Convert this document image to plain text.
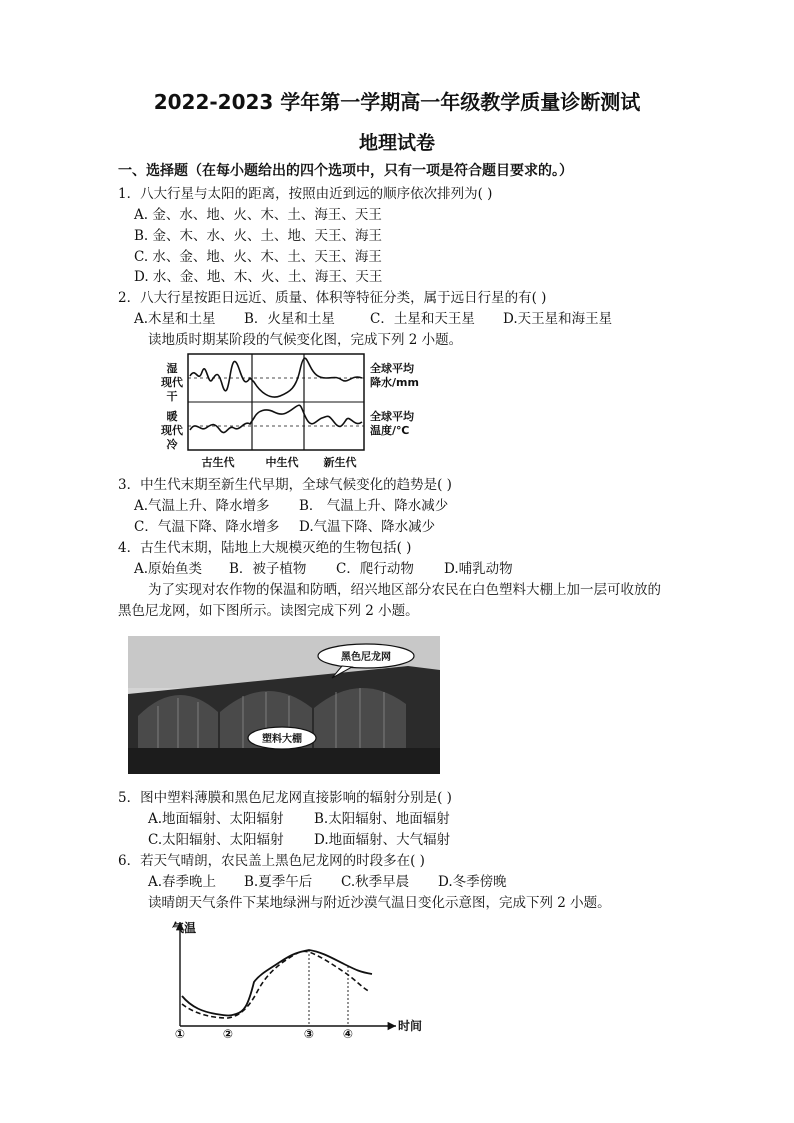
2022-2023 学年第一学期高一年级教学质量诊断测试
地理试卷
一、选择题（在每小题给出的四个选项中，只有一项是符合题目要求的。）
1．八大行星与太阳的距离，按照由近到远的顺序依次排列为( )
A. 金、水、地、火、木、土、海王、天王
B. 金、木、水、火、土、地、天王、海王
C. 水、金、地、火、木、土、天王、海王
D. 水、金、地、木、火、土、海王、天王
2．八大行星按距日远近、质量、体积等特征分类，属于远日行星的有( )
A.木星和土星 B．火星和土星	C．土星和天王星 D.天王星和海王星
读地质时期某阶段的气候变化图，完成下列 2 小题。
湿
现代
干
暖
现代
冷
全球平均
降水/mm
全球平均
温度/℃
古生代	中生代 新生代
3．中生代末期至新生代早期，全球气候变化的趋势是( )
A.气温上升、降水增多 B． 气温上升、降水减少
C．气温下降、降水增多 D.气温下降、降水减少
4．古生代末期，陆地上大规模灭绝的生物包括( )
A.原始鱼类 B．被子植物 C．爬行动物 D.哺乳动物
为了实现对农作物的保温和防晒，绍兴地区部分农民在白色塑料大棚上加一层可收放的
黑色尼龙网，如下图所示。读图完成下列 2 小题。
黑色尼龙网
塑料大棚
5．图中塑料薄膜和黑色尼龙网直接影响的辐射分别是( )
A.地面辐射、太阳辐射 B.太阳辐射、地面辐射
C.太阳辐射、太阳辐射 D.地面辐射、大气辐射
6．若天气晴朗，农民盖上黑色尼龙网的时段多在( )
A.春季晚上 B.夏季午后 C.秋季早晨 D.冬季傍晚
读晴朗天气条件下某地绿洲与附近沙漠气温日变化示意图，完成下列 2 小题。
气温
时间
①	②	③ ④
